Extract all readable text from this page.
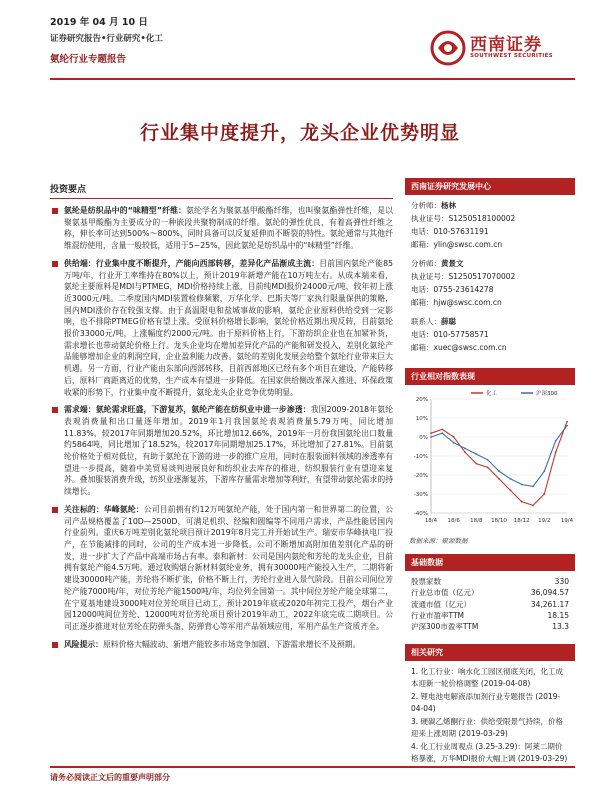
2019 年 04 月 10 日
证券研究报告•行业研究•化工
氨纶行业专题报告
西南证券
SOUTHWEST SECURITIES
行业集中度提升，龙头企业优势明显
投资要点
氨纶是纺织品中的“味精型”纤维：氨纶学名为聚氨基甲酸酯纤维，也叫聚氨酯弹性纤维，是以聚氨基甲酸酯为主要成分的一种嵌段共聚物制成的纤维。氨纶的弹性优良，有着高弹性纤维之称，伸长率可达到500%～800%，同时具备可以反复延伸而不断裂的特性。氨纶通常与其他纤维混纺使用，含量一般较低，适用于5~25%，因此氨纶是纺织品中的“味精型”纤维。
供给端：行业集中度不断提升，产能向西部转移，差异化产品渐成主流：目前国内氨纶产能85万吨/年，行业开工率维持在80%以上，预计2019年新增产能在10万吨左右。从成本端来看，氨纶主要原料是MDI与PTMEG，MDI价格持续上涨，目前纯MDI报价24000元/吨，较年初上涨近3000元/吨。二季度国内MDI装置检修频繁，万华化学、巴斯夫等厂家执行限量保供的策略，国内MDI涨价存在较强支撑。由于高温限电和盐城事故的影响，氨纶企业原料供给受到一定影响，也不排除PTMEG价格有望上涨。受原料价格增长影响，氨纶价格近期出现反转，目前氨纶报价33000元/吨，上涨幅度约2000元/吨。由于原料价格上行，下游纺织企业也在加紧补货，需求增长也带动氨纶价格上行。龙头企业均在增加差异化产品的产能和研发投入，差别化氨纶产品能够增加企业的利润空间，企业盈利能力改善。氨纶的差别化发展会给整个氨纶行业带来巨大机遇。另一方面，行业产能由东部向西部转移，目前西部地区已经有多个项目在建设，产能转移后，原料厂商距离近的优势，生产成本有望进一步降低。在国家供给侧改革深入推进、环保政策收紧的形势下，行业集中度不断提升，氨纶龙头企业竞争优势明显。
需求端：氨纶需求旺盛，下游复苏，氨纶产能在纺织业中进一步渗透：我国2009-2018年氨纶表观消费量和出口量逐年增加。2019年1月我国氨纶表观消费量5.79万吨，同比增加11.83%，较2017年同期增加20.52%，环比增加12.66%，2019年一月份我国氨纶出口数量约5864吨，同比增加了18.52%，较2017年同期增加25.17%，环比增加了27.81%。目前氨纶价格处于相对低位，有助于氨纶在下游的进一步的推广应用，同时在服装面料领域的渗透率有望进一步提高，随着中美贸易谈判进展良好和纺织业去库存的推进，纺织服装行业有望迎来复苏。叠加服装消费升级，纺织业逐渐复苏，下游库存量需求增加等利好，有望带动氨纶需求的持续增长。
关注标的：华峰氨纶：公司目前拥有约12万吨氨纶产能，处于国内第一和世界第二的位置，公司产品规格覆盖了10D—2500D，可满足机织、经编和圆编等不同用户需求，产品性能居国内行业前列。重庆6万吨差别化氨纶项目预计2019年8月完工并开始试生产。瑞安市华峰执电厂投产，在节能减排的同时，公司的生产成本进一步降低。公司不断增加高附加值差别化产品的研发，进一步扩大了产品中高端市场占有率。泰和新材：公司是国内氨纶和芳纶的龙头企业，目前拥有氨纶产能4.5万吨。通过收购烟台新材料氨纶业务，拥有30000吨产能投入生产，二期将新建设30000吨产能，芳纶将不断扩张，价格不断上行，芳纶行业进入景气阶段。目前公司间位芳纶产能7000吨/年，对位芳纶产能1500吨/年，均位列全国第一。其中间位芳纶产能全球第二，在宁夏基地建设3000吨对位芳纶项目已动工，预计2019年底或2020年初完工投产，烟台产业园12000吨间位芳纶、12000吨对位芳纶项目预计2019年动工，2022年底完成二期项目。公司正逐步推进对位芳纶在防弹头盔、防弹背心等军用产品领域应用，军用产品生产资质齐全。
风险提示：原料价格大幅波动、新增产能较多市场竞争加剧、下游需求增长不及预期。
西南证券研究发展中心
分析师：杨林
执业证号：S1250518100002
电话：010-57631191
邮箱：ylin@swsc.com.cn
分析师：黄景文
执业证号：S1250517070002
电话：0755-23614278
邮箱：hjw@swsc.com.cn
联系人：薛聪
电话：010-57758571
邮箱：xuec@swsc.com.cn
行业相对指数表现
20%
10%
0%
-10%
-20%
-30%
-40%
18/4 18/6 18/8 18/10 18/12 19/2 19/4
化工	沪深300
数据来源：聚源数据
基础数据
股票家数	330
行业总市值（亿元）	36,094.57
流通市值（亿元）	34,261.17
行业市盈率TTM	18.15
沪深300市盈率TTM	13.3
相关研究
1. 化工行业：响水化工园区彻底关闭，化工成本迎新一轮价格调整 (2019-04-08)
2. 锂电池电解液添加剂行业专题报告 (2019-04-04)
3. 硬碳乙烯酮行业：供给受限景气持续，价格迎来上涨周期 (2019-03-29)
4. 化工行业周观点 (3.25-3.29)：阿莱二期价格暴涨，万华MDI报价大幅上调 (2019-03-29)
请务必阅读正文后的重要声明部分
